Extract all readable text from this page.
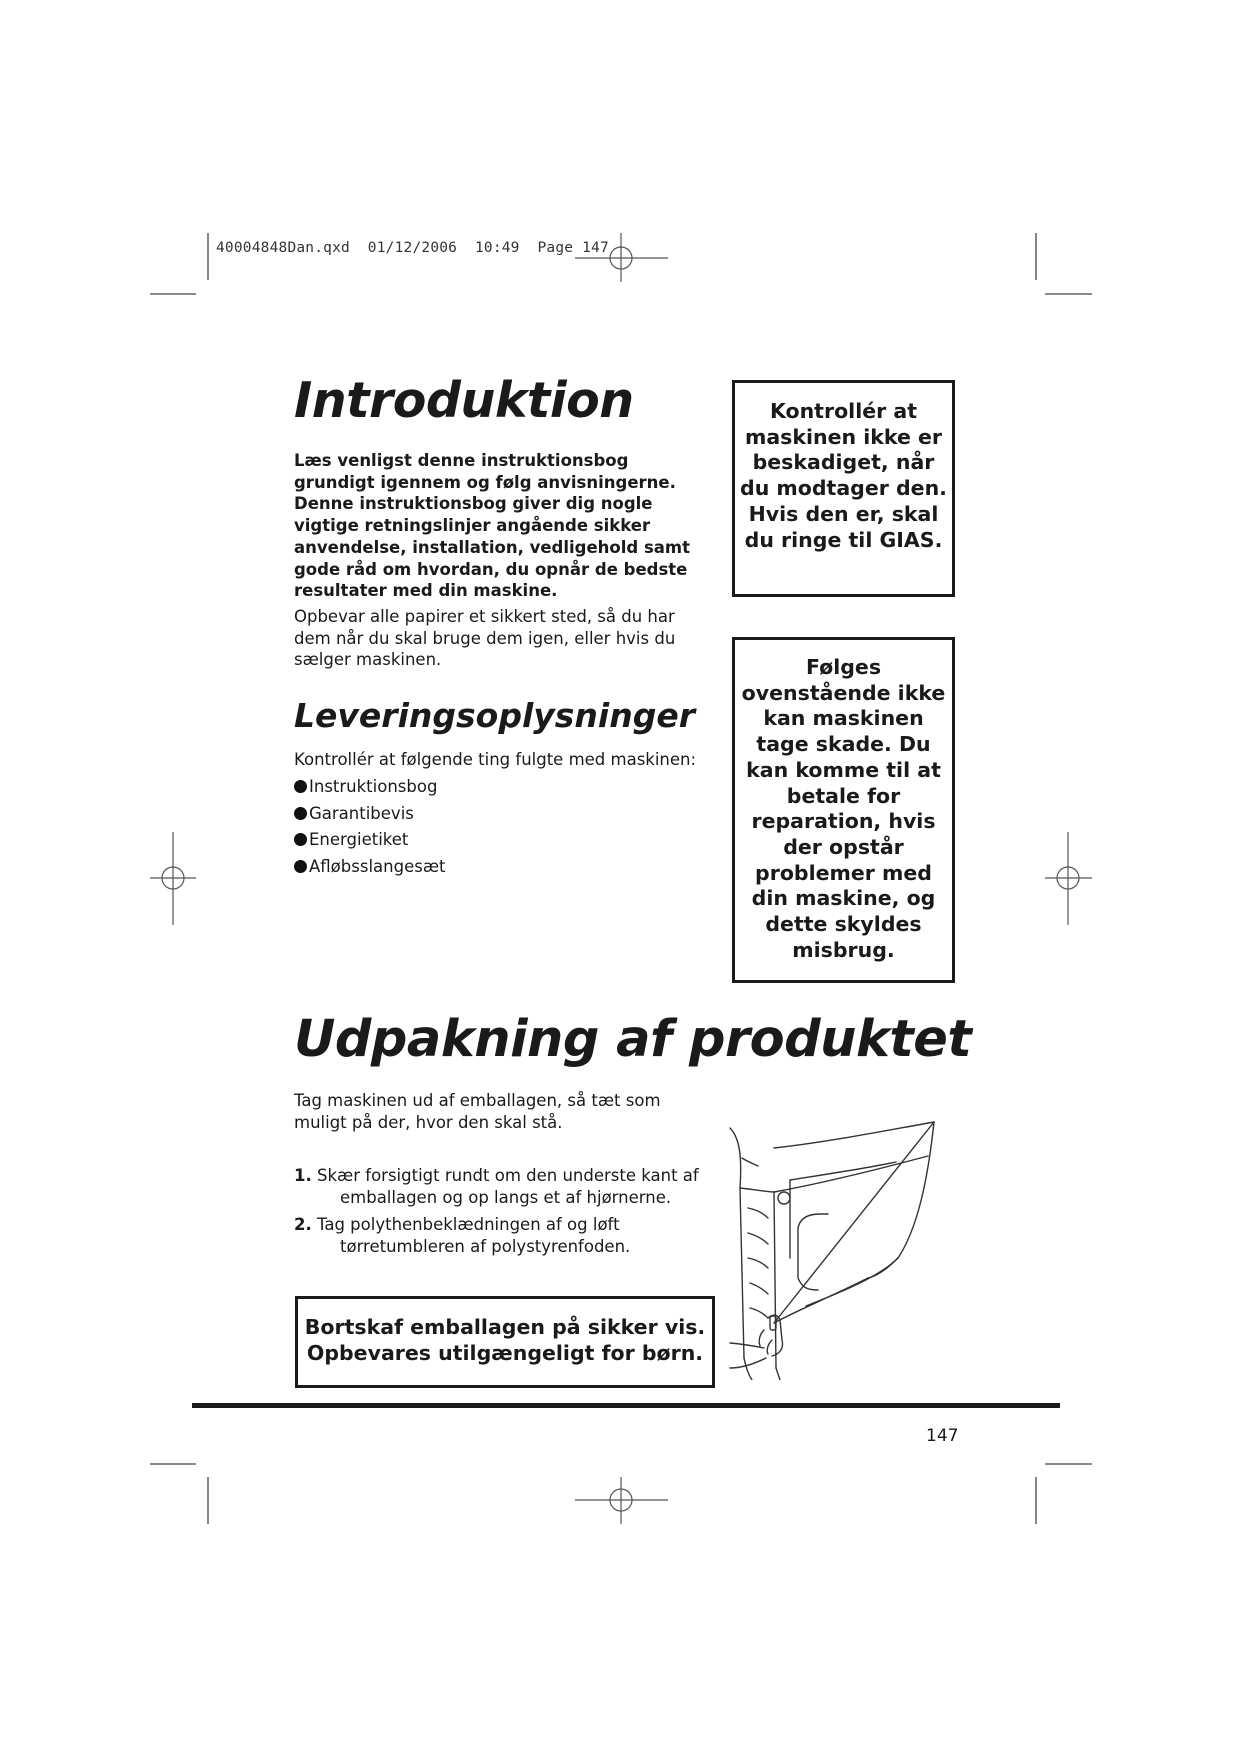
40004848Dan.qxd  01/12/2006  10:49  Page 147
Introduktion

Læs venligst denne instruktionsbog grundigt igennem og følg anvisningerne. Denne instruktionsbog giver dig nogle vigtige retningslinjer angående sikker anvendelse, installation, vedligehold samt gode råd om hvordan, du opnår de bedste resultater med din maskine.

Opbevar alle papirer et sikkert sted, så du har dem når du skal bruge dem igen, eller hvis du sælger maskinen.

Leveringsoplysninger

Kontrollér at følgende ting fulgte med maskinen:

Instruktionsbog
Garantibevis
Energietiket
Afløbsslangesæt

Kontrollér at maskinen ikke er beskadiget, når du modtager den. Hvis den er, skal du ringe til GIAS.

Følges ovenstående ikke kan maskinen tage skade. Du kan komme til at betale for reparation, hvis der opstår problemer med din maskine, og dette skyldes misbrug.

Udpakning af produktet

Tag maskinen ud af emballagen, så tæt som muligt på der, hvor den skal stå.

1. Skær forsigtigt rundt om den underste kant af emballagen og op langs et af hjørnerne.
2. Tag polythenbeklædningen af og løft tørretumbleren af polystyrenfoden.

Bortskaf emballagen på sikker vis.

Opbevares utilgængeligt for børn.

147
